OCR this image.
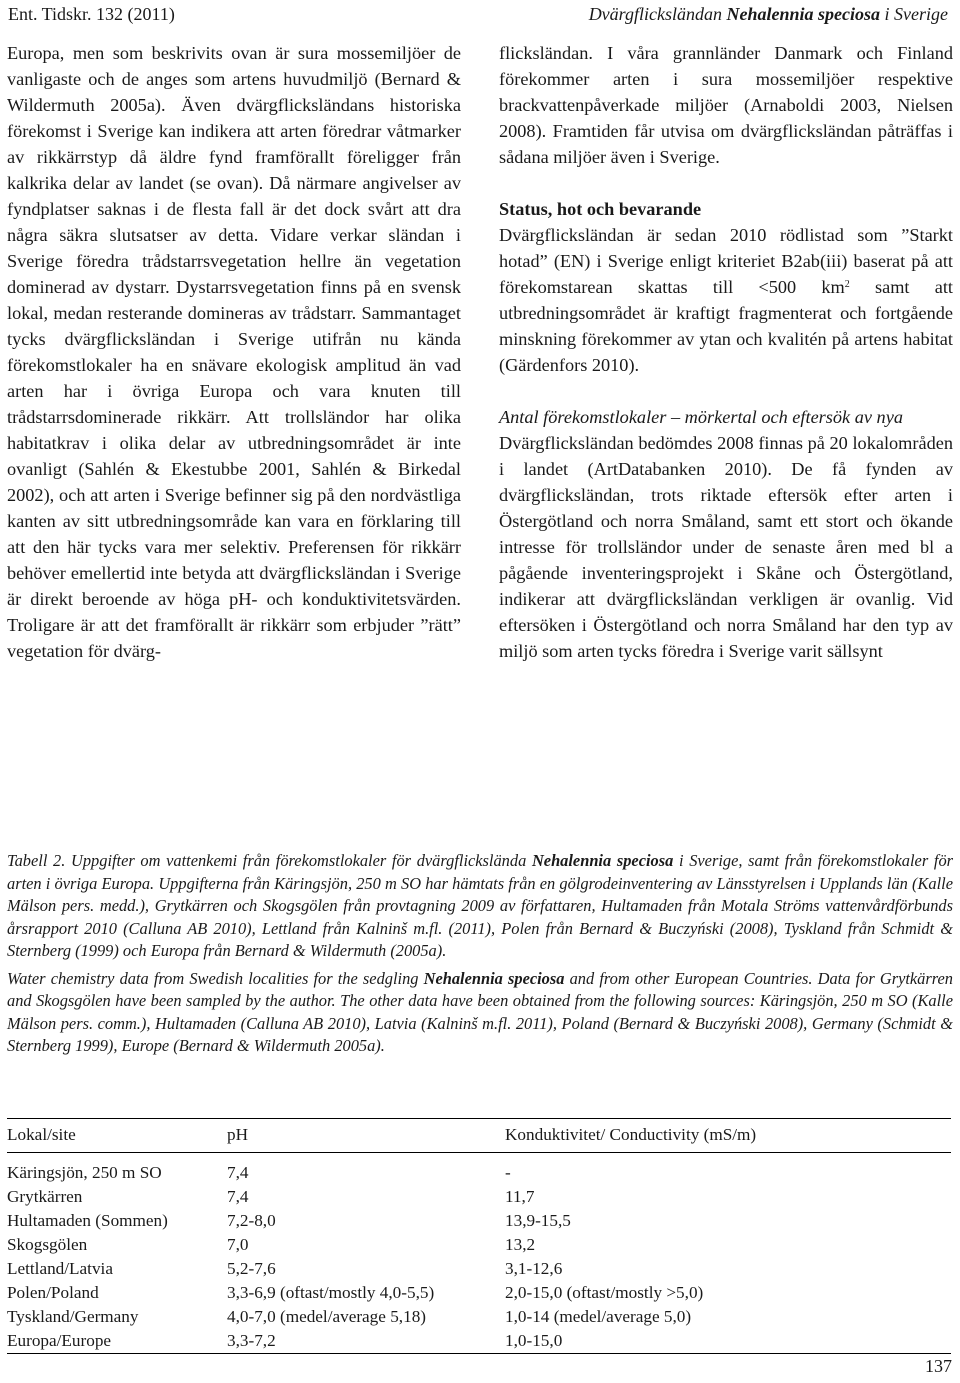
Ent. Tidskr. 132 (2011)	Dvärgflicksländan Nehalennia speciosa i Sverige

Europa, men som beskrivits ovan är sura mossemiljöer de vanligaste och de anges som artens huvudmiljö (Bernard & Wildermuth 2005a). Även dvärgflicksländans historiska förekomst i Sverige kan indikera att arten föredrar våtmarker av rikkärrstyp då äldre fynd framförallt föreligger från kalkrika delar av landet (se ovan). Då närmare angivelser av fyndplatser saknas i de flesta fall är det dock svårt att dra några säkra slutsatser av detta. Vidare verkar sländan i Sverige föredra trådstarrsvegetation hellre än vegetation dominerad av dystarr. Dystarrsvegetation finns på en svensk lokal, medan resterande domineras av trådstarr. Sammantaget tycks dvärgflicksländan i Sverige utifrån nu kända förekomstlokaler ha en snävare ekologisk amplitud än vad arten har i övriga Europa och vara knuten till trådstarrsdominerade rikkärr. Att trollsländor har olika habitatkrav i olika delar av utbredningsområdet är inte ovanligt (Sahlén & Ekestubbe 2001, Sahlén & Birkedal 2002), och att arten i Sverige befinner sig på den nordvästliga kanten av sitt utbredningsområde kan vara en förklaring till att den här tycks vara mer selektiv. Preferensen för rikkärr behöver emellertid inte betyda att dvärgflicksländan i Sverige är direkt beroende av höga pH- och konduktivitetsvärden. Troligare är att det framförallt är rikkärr som erbjuder ”rätt” vegetation för dvärg-

flicksländan. I våra grannländer Danmark och Finland förekommer arten i sura mossemiljöer respektive brackvattenpåverkade miljöer (Arnaboldi 2003, Nielsen 2008). Framtiden får utvisa om dvärgflicksländan påträffas i sådana miljöer även i Sverige.

Status, hot och bevarande

Dvärgflicksländan är sedan 2010 rödlistad som ”Starkt hotad” (EN) i Sverige enligt kriteriet B2ab(iii) baserat på att förekomstarean skattas till <500 $km^2$ samt att utbredningsområdet är kraftigt fragmenterat och fortgående minskning förekommer av ytan och kvalitén på artens habitat (Gärdenfors 2010).

Antal förekomstlokaler – mörkertal och eftersök av nya

Dvärgflicksländan bedömdes 2008 finnas på 20 lokalområden i landet (ArtDatabanken 2010). De få fynden av dvärgflicksländan, trots riktade eftersök efter arten i Östergötland och norra Småland, samt ett stort och ökande intresse för trollsländor under de senaste åren med bl a pågående inventeringsprojekt i Skåne och Östergötland, indikerar att dvärgflicksländan verkligen är ovanlig. Vid eftersöken i Östergötland och norra Småland har den typ av miljö som arten tycks föredra i Sverige varit sällsynt

Tabell 2. Uppgifter om vattenkemi från förekomstlokaler för dvärgflickslända Nehalennia speciosa i Sverige, samt från förekomstlokaler för arten i övriga Europa. Uppgifterna från Käringsjön, 250 m SO har hämtats från en gölgrodeinventering av Länsstyrelsen i Upplands län (Kalle Mälson pers. medd.), Grytkärren och Skogsgölen från provtagning 2009 av författaren, Hultamaden från Motala Ströms vattenvårdförbunds årsrapport 2010 (Calluna AB 2010), Lettland från Kalninš m.fl. (2011), Polen från Bernard & Buczyński (2008), Tyskland från Schmidt & Sternberg (1999) och Europa från Bernard & Wildermuth (2005a).

Water chemistry data from Swedish localities for the sedgling Nehalennia speciosa and from other European Countries. Data for Grytkärren and Skogsgölen have been sampled by the author. The other data have been obtained from the following sources: Käringsjön, 250 m SO (Kalle Mälson pers. comm.), Hultamaden (Calluna AB 2010), Latvia (Kalninš m.fl. 2011), Poland (Bernard & Buczyński 2008), Germany (Schmidt & Sternberg 1999), Europe (Bernard & Wildermuth 2005a).

Lokal/site	pH	Konduktivitet/ Conductivity (mS/m)
Käringsjön, 250 m SO	7,4	-
Grytkärren	7,4	11,7
Hultamaden (Sommen)	7,2-8,0	13,9-15,5
Skogsgölen	7,0	13,2
Lettland/Latvia	5,2-7,6	3,1-12,6
Polen/Poland	3,3-6,9 (oftast/mostly 4,0-5,5)	2,0-15,0 (oftast/mostly >5,0)
Tyskland/Germany	4,0-7,0 (medel/average 5,18)	1,0-14 (medel/average 5,0)
Europa/Europe	3,3-7,2	1,0-15,0
137
